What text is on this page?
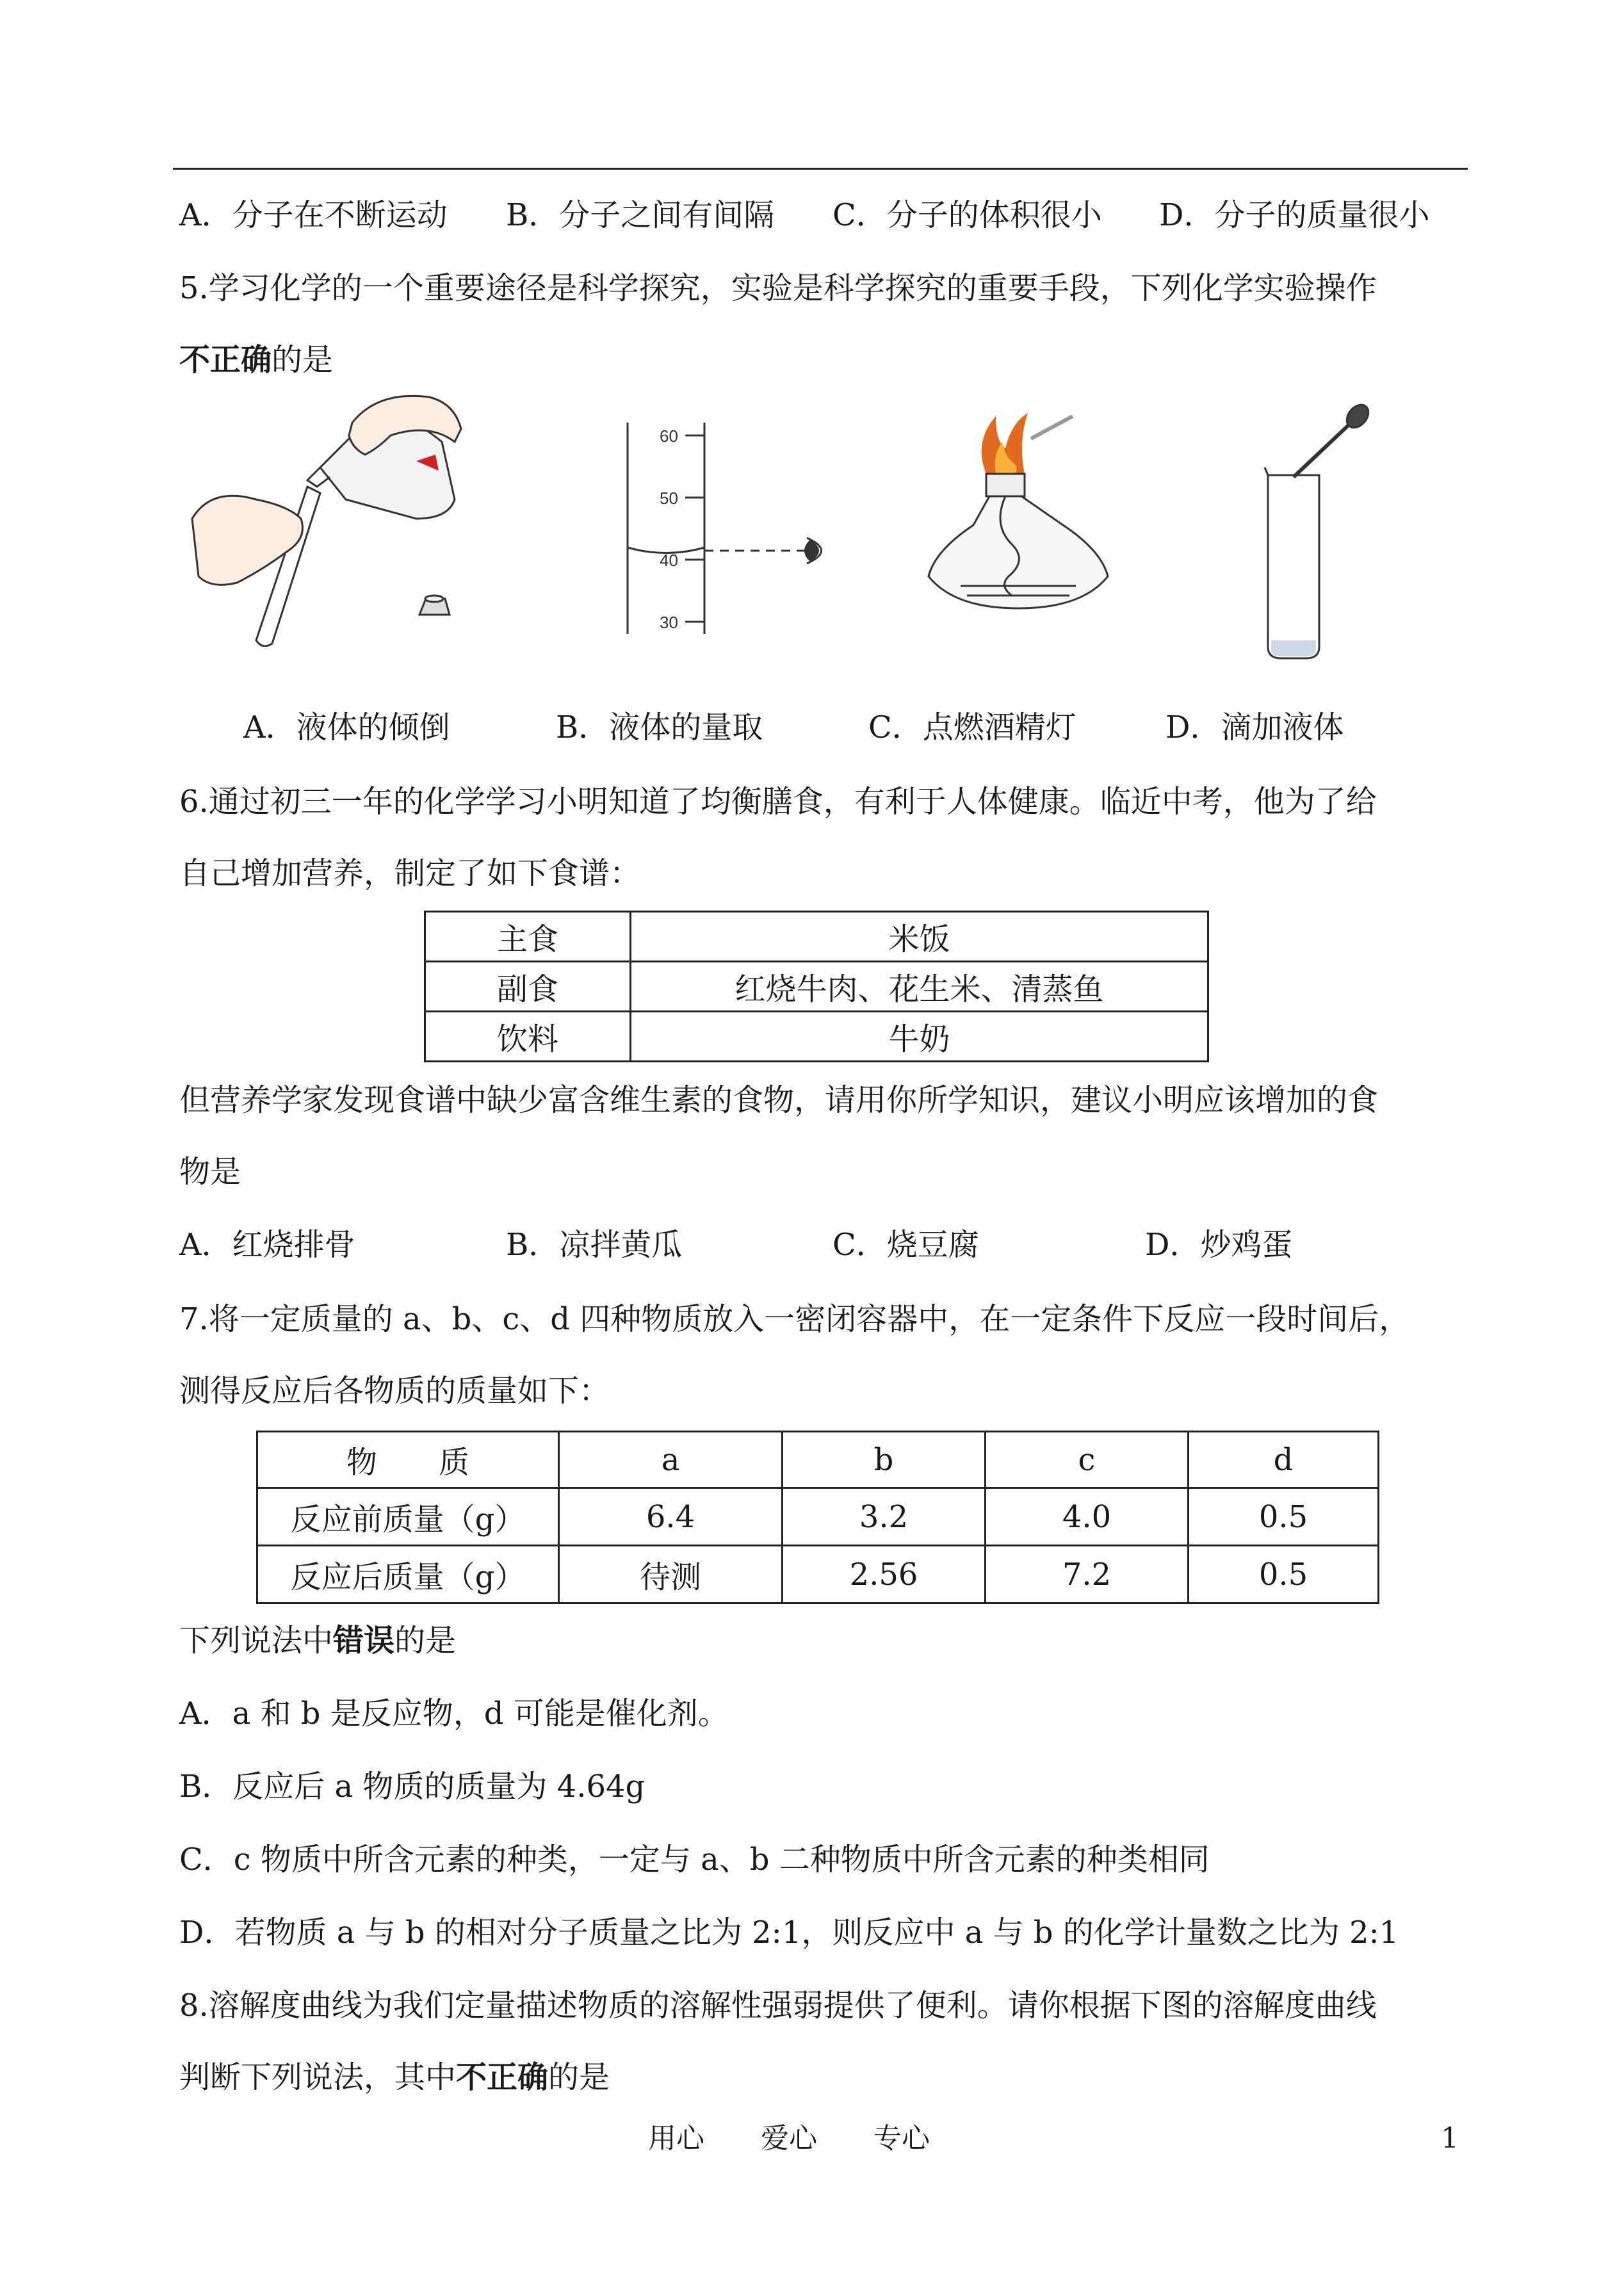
A．分子在不断运动 B．分子之间有间隔 C．分子的体积很小 D．分子的质量很小
5.学习化学的一个重要途径是科学探究，实验是科学探究的重要手段，下列化学实验操作
不正确的是
60
50
40
30
A．液体的倾倒	B．液体的量取	C．点燃酒精灯	D．滴加液体
6.通过初三一年的化学学习小明知道了均衡膳食，有利于人体健康。临近中考，他为了给
自己增加营养，制定了如下食谱：
主食	米饭
副食	红烧牛肉、花生米、清蒸鱼
饮料	牛奶
但营养学家发现食谱中缺少富含维生素的食物，请用你所学知识，建议小明应该增加的食
物是
A．红烧排骨	B．凉拌黄瓜	C．烧豆腐	D．炒鸡蛋
7.将一定质量的 a、b、c、d 四种物质放入一密闭容器中，在一定条件下反应一段时间后，
测得反应后各物质的质量如下：
物　　质	a	b	c	d
反应前质量（g）	6.4	3.2	4.0	0.5
反应后质量（g）	待测	2.56	7.2	0.5
下列说法中错误的是
A．a 和 b 是反应物，d 可能是催化剂。
B．反应后 a 物质的质量为 4.64g
C．c 物质中所含元素的种类，一定与 a、b 二种物质中所含元素的种类相同
D．若物质 a 与 b 的相对分子质量之比为 2:1，则反应中 a 与 b 的化学计量数之比为 2:1
8.溶解度曲线为我们定量描述物质的溶解性强弱提供了便利。请你根据下图的溶解度曲线
判断下列说法，其中不正确的是
用心 爱心 专心	1
